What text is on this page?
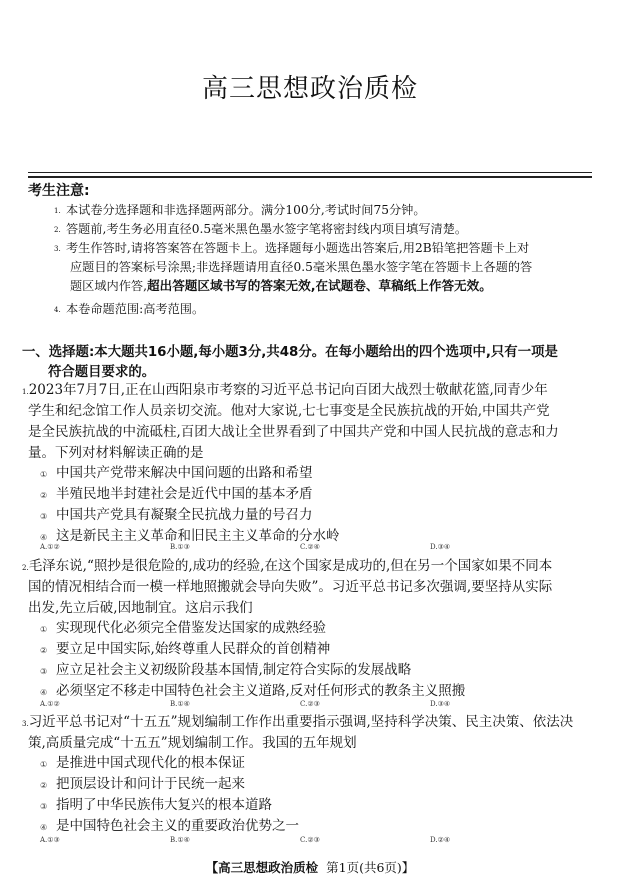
高三思想政治质检
考生注意:
1. 本试卷分选择题和非选择题两部分。满分100分,考试时间75分钟。
2. 答题前,考生务必用直径0.5毫米黑色墨水签字笔将密封线内项目填写清楚。
3. 考生作答时,请将答案答在答题卡上。选择题每小题选出答案后,用2B铅笔把答题卡上对
应题目的答案标号涂黑;非选择题请用直径0.5毫米黑色墨水签字笔在答题卡上各题的答
题区域内作答,超出答题区域书写的答案无效,在试题卷、草稿纸上作答无效。
4. 本卷命题范围:高考范围。
一、选择题:本大题共16小题,每小题3分,共48分。在每小题给出的四个选项中,只有一项是
符合题目要求的。
1.2023年7月7日,正在山西阳泉市考察的习近平总书记向百团大战烈士敬献花篮,同青少年
学生和纪念馆工作人员亲切交流。他对大家说,七七事变是全民族抗战的开始,中国共产党
是全民族抗战的中流砥柱,百团大战让全世界看到了中国共产党和中国人民抗战的意志和力
量。下列对材料解读正确的是
① 中国共产党带来解决中国问题的出路和希望
② 半殖民地半封建社会是近代中国的基本矛盾
③ 中国共产党具有凝聚全民抗战力量的号召力
④ 这是新民主主义革命和旧民主主义革命的分水岭
A.①②	B.①③	C.②④	D.③④
2.毛泽东说,“照抄是很危险的,成功的经验,在这个国家是成功的,但在另一个国家如果不同本
国的情况相结合而一模一样地照搬就会导向失败”。习近平总书记多次强调,要坚持从实际
出发,先立后破,因地制宜。这启示我们
① 实现现代化必须完全借鉴发达国家的成熟经验
② 要立足中国实际,始终尊重人民群众的首创精神
③ 应立足社会主义初级阶段基本国情,制定符合实际的发展战略
④ 必须坚定不移走中国特色社会主义道路,反对任何形式的教条主义照搬
A.①②	B.①④	C.②③	D.③④
3.习近平总书记对“十五五”规划编制工作作出重要指示强调,坚持科学决策、民主决策、依法决
策,高质量完成“十五五”规划编制工作。我国的五年规划
① 是推进中国式现代化的根本保证
② 把顶层设计和问计于民统一起来
③ 指明了中华民族伟大复兴的根本道路
④ 是中国特色社会主义的重要政治优势之一
A.①③	B.①④	C.②③	D.②④
【高三思想政治质检 第1页(共6页)】
